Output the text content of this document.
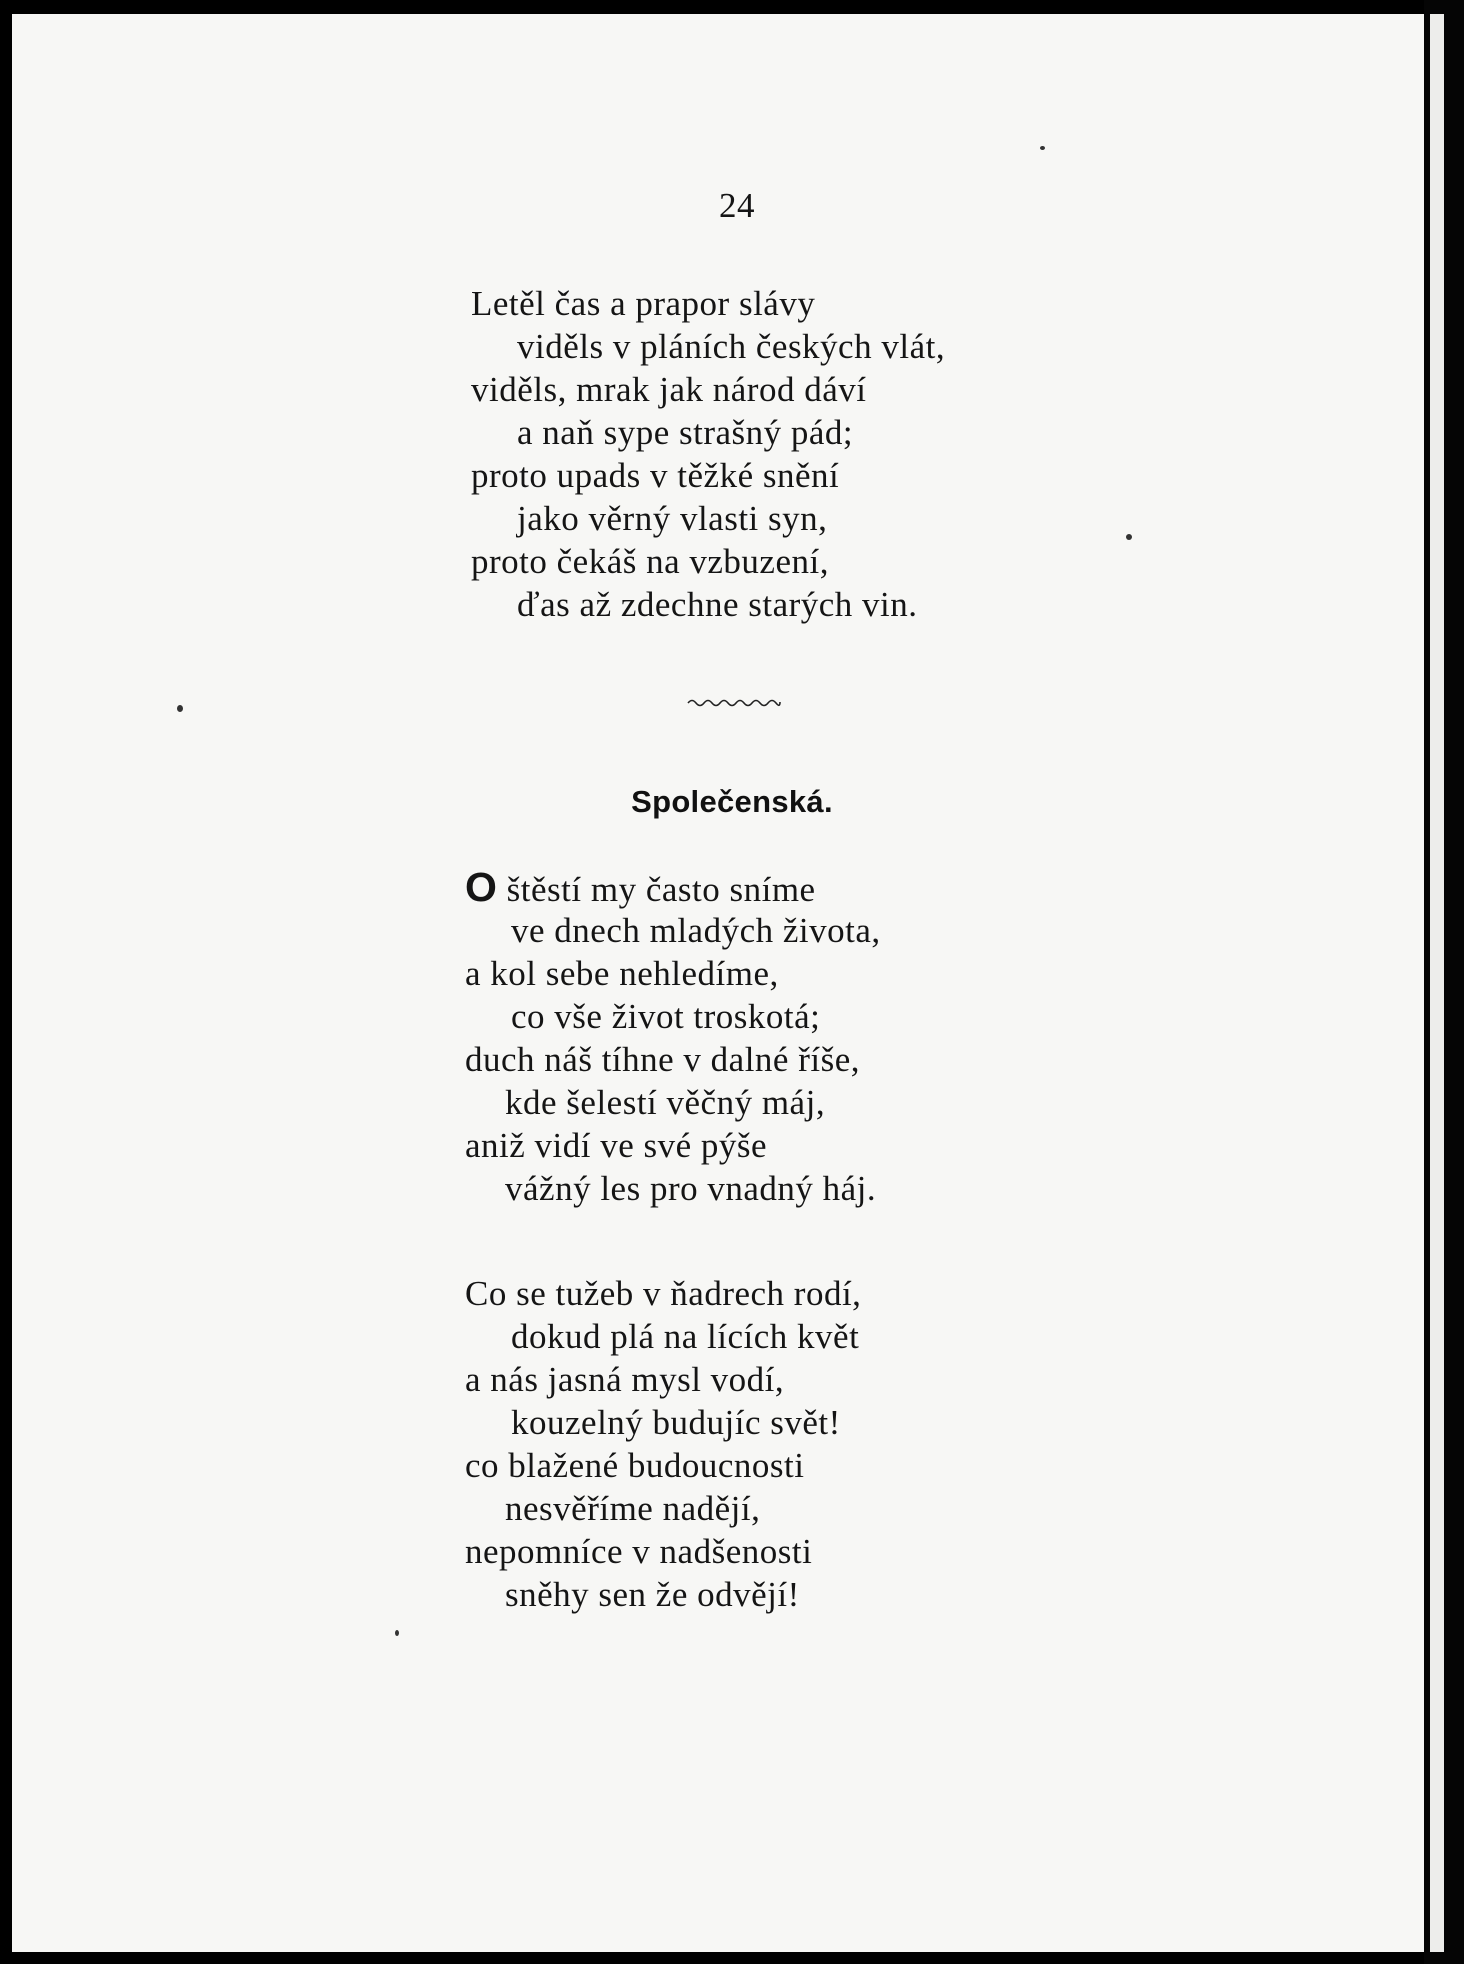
24
Letěl čas a prapor slávy
viděls v pláních českých vlát,
viděls, mrak jak národ dáví
a naň sype strašný pád;
proto upads v těžké snění
jako věrný vlasti syn,
proto čekáš na vzbuzení,
ďas až zdechne starých vin.
Společenská.
O štěstí my často sníme
ve dnech mladých života,
a kol sebe nehledíme,
co vše život troskotá;
duch náš tíhne v dalné říše,
kde šelestí věčný máj,
aniž vidí ve své pýše
vážný les pro vnadný háj.
Co se tužeb v ňadrech rodí,
dokud plá na lících květ
a nás jasná mysl vodí,
kouzelný budujíc svět!
co blažené budoucnosti
nesvěříme nadějí,
nepomníce v nadšenosti
sněhy sen že odvějí!
